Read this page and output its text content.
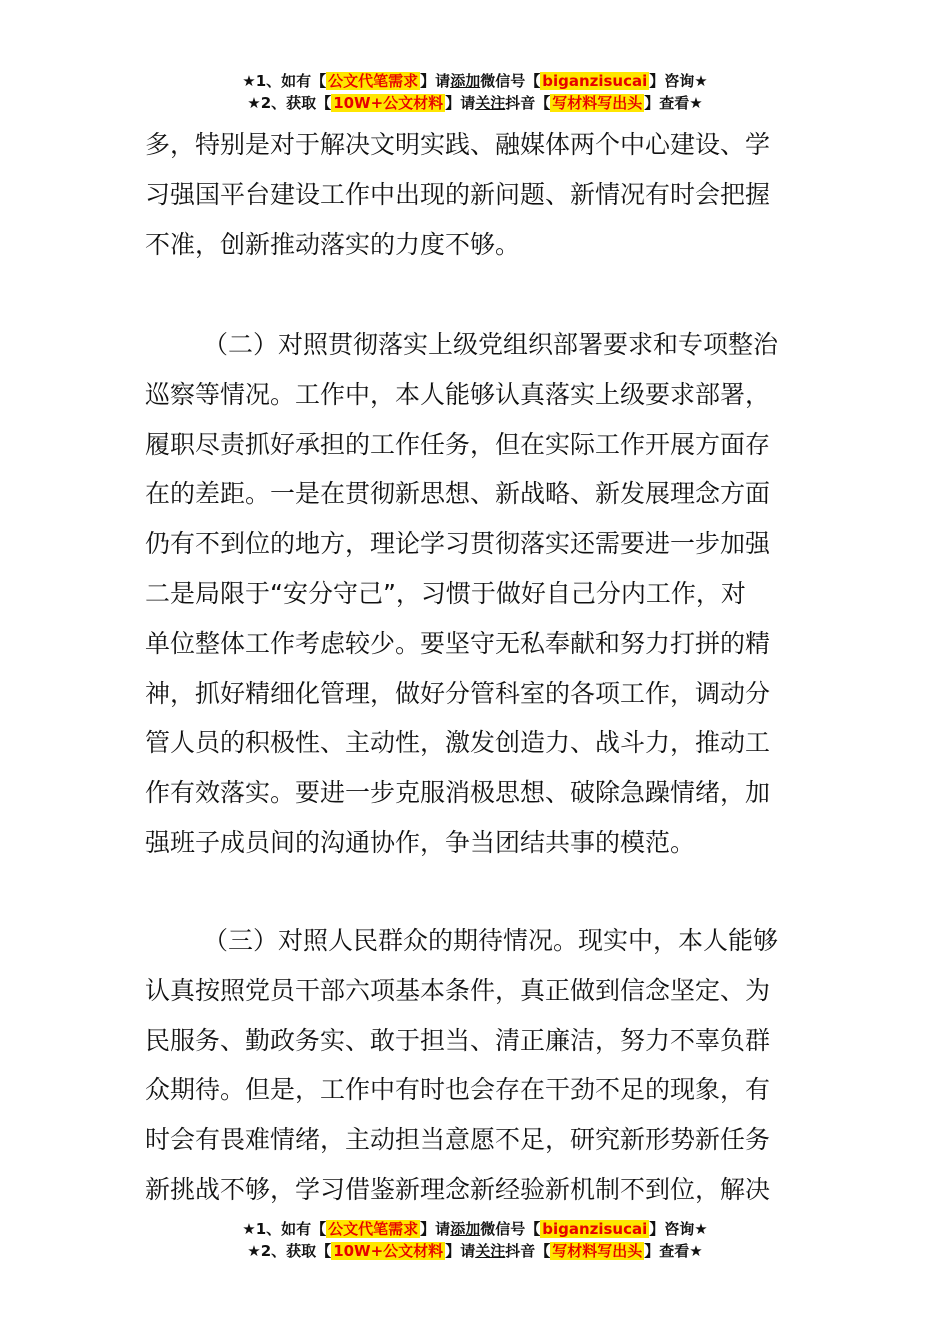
★1、如有【 公文代笔需求 】请添加微信号【 biganzisucai 】咨询★
★2、获取【 10W+公文材料 】请关注抖音【 写材料写出头 】查看★

多，特别是对于解决文明实践、融媒体两个中心建设、学
习强国平台建设工作中出现的新问题、新情况有时会把握
不准，创新推动落实的力度不够。

（二）对照贯彻落实上级党组织部署要求和专项整治
巡察等情况。工作中，本人能够认真落实上级要求部署，
履职尽责抓好承担的工作任务，但在实际工作开展方面存
在的差距。一是在贯彻新思想、新战略、新发展理念方面
仍有不到位的地方，理论学习贯彻落实还需要进一步加强
二是局限于“安分守己”，习惯于做好自己分内工作，对
单位整体工作考虑较少。要坚守无私奉献和努力打拼的精
神，抓好精细化管理，做好分管科室的各项工作，调动分
管人员的积极性、主动性，激发创造力、战斗力，推动工
作有效落实。要进一步克服消极思想、破除急躁情绪，加
强班子成员间的沟通协作，争当团结共事的模范。

（三）对照人民群众的期待情况。现实中，本人能够
认真按照党员干部六项基本条件，真正做到信念坚定、为
民服务、勤政务实、敢于担当、清正廉洁，努力不辜负群
众期待。但是，工作中有时也会存在干劲不足的现象，有
时会有畏难情绪，主动担当意愿不足，研究新形势新任务
新挑战不够，学习借鉴新理念新经验新机制不到位，解决

★1、如有【 公文代笔需求 】请添加微信号【 biganzisucai 】咨询★
★2、获取【 10W+公文材料 】请关注抖音【 写材料写出头 】查看★
